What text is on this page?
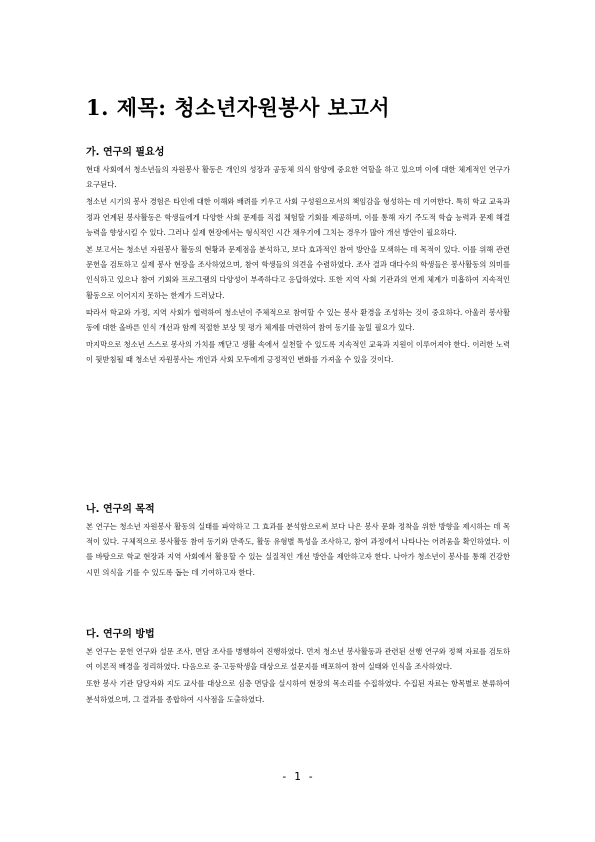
1. 제목: 청소년자원봉사 보고서
가. 연구의 필요성

현대 사회에서 청소년들의 자원봉사 활동은 개인의 성장과 공동체 의식 함양에 중요한 역할을 하고 있으며 이에 대한 체계적인 연구가 요구된다.

청소년 시기의 봉사 경험은 타인에 대한 이해와 배려를 키우고 사회 구성원으로서의 책임감을 형성하는 데 기여한다. 특히 학교 교육과정과 연계된 봉사활동은 학생들에게 다양한 사회 문제를 직접 체험할 기회를 제공하며, 이를 통해 자기 주도적 학습 능력과 문제 해결 능력을 향상시킬 수 있다. 그러나 실제 현장에서는 형식적인 시간 채우기에 그치는 경우가 많아 개선 방안이 필요하다.

본 보고서는 청소년 자원봉사 활동의 현황과 문제점을 분석하고, 보다 효과적인 참여 방안을 모색하는 데 목적이 있다. 이를 위해 관련 문헌을 검토하고 실제 봉사 현장을 조사하였으며, 참여 학생들의 의견을 수렴하였다. 조사 결과 대다수의 학생들은 봉사활동의 의미를 인식하고 있으나 참여 기회와 프로그램의 다양성이 부족하다고 응답하였다. 또한 지역 사회 기관과의 연계 체계가 미흡하여 지속적인 활동으로 이어지지 못하는 한계가 드러났다.

따라서 학교와 가정, 지역 사회가 협력하여 청소년이 주체적으로 참여할 수 있는 봉사 환경을 조성하는 것이 중요하다. 아울러 봉사활동에 대한 올바른 인식 개선과 함께 적절한 보상 및 평가 체계를 마련하여 참여 동기를 높일 필요가 있다.

마지막으로 청소년 스스로 봉사의 가치를 깨닫고 생활 속에서 실천할 수 있도록 지속적인 교육과 지원이 이루어져야 한다. 이러한 노력이 뒷받침될 때 청소년 자원봉사는 개인과 사회 모두에게 긍정적인 변화를 가져올 수 있을 것이다.

나. 연구의 목적

본 연구는 청소년 자원봉사 활동의 실태를 파악하고 그 효과를 분석함으로써 보다 나은 봉사 문화 정착을 위한 방향을 제시하는 데 목적이 있다. 구체적으로 봉사활동 참여 동기와 만족도, 활동 유형별 특성을 조사하고, 참여 과정에서 나타나는 어려움을 확인하였다. 이를 바탕으로 학교 현장과 지역 사회에서 활용할 수 있는 실질적인 개선 방안을 제안하고자 한다. 나아가 청소년이 봉사를 통해 건강한 시민 의식을 기를 수 있도록 돕는 데 기여하고자 한다.

다. 연구의 방법

본 연구는 문헌 연구와 설문 조사, 면담 조사를 병행하여 진행하였다. 먼저 청소년 봉사활동과 관련된 선행 연구와 정책 자료를 검토하여 이론적 배경을 정리하였다. 다음으로 중·고등학생을 대상으로 설문지를 배포하여 참여 실태와 인식을 조사하였다.

또한 봉사 기관 담당자와 지도 교사를 대상으로 심층 면담을 실시하여 현장의 목소리를 수집하였다. 수집된 자료는 항목별로 분류하여 분석하였으며, 그 결과를 종합하여 시사점을 도출하였다.

- 1 -
